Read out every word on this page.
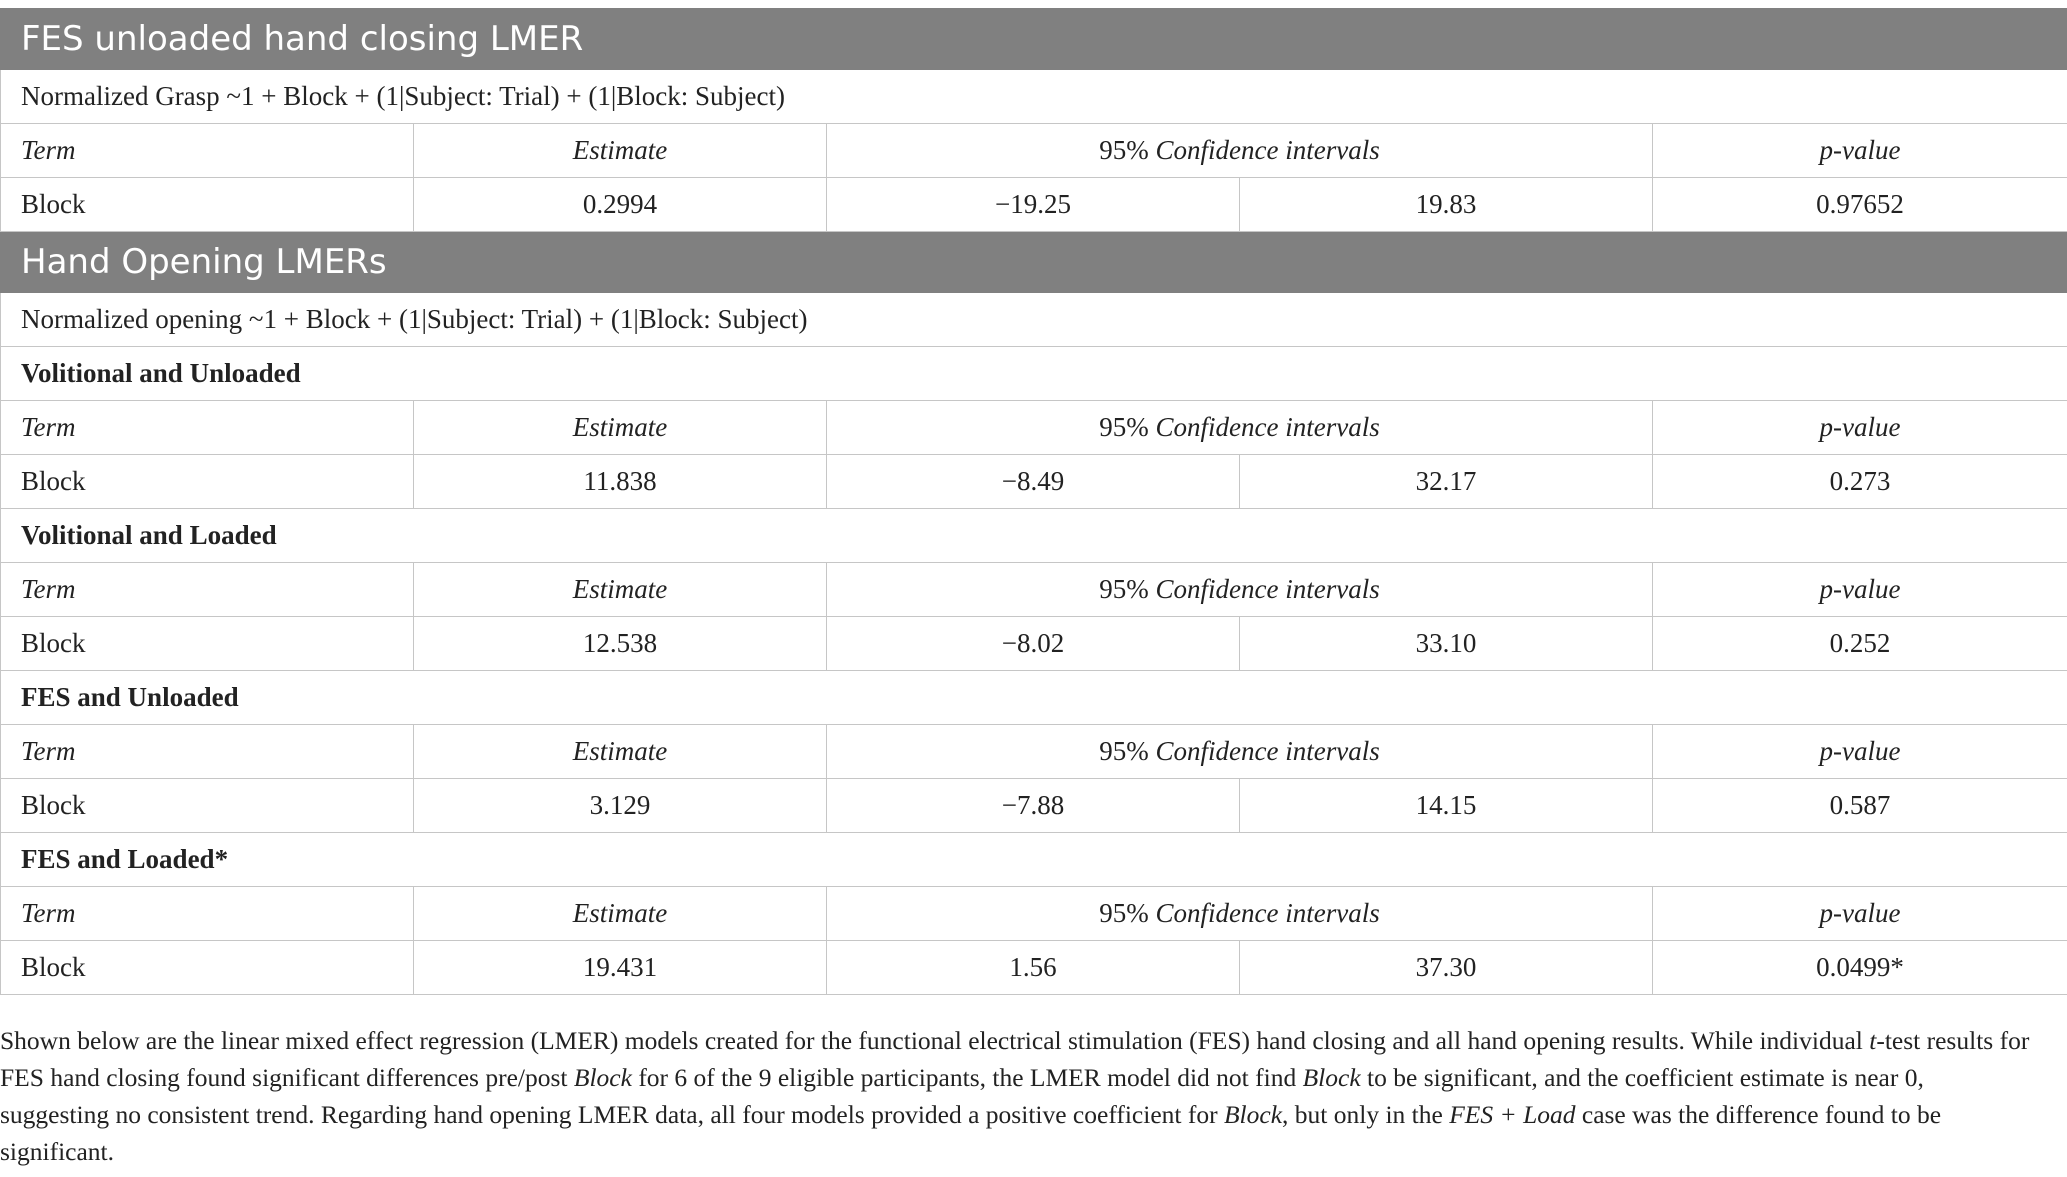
FES unloaded hand closing LMER				
Normalized Grasp ~1 + Block + (1|Subject: Trial) + (1|Block: Subject)				
Term	Estimate	95% Confidence intervals		p-value
Block	0.2994	−19.25	19.83	0.97652
Hand Opening LMERs				
Normalized opening ~1 + Block + (1|Subject: Trial) + (1|Block: Subject)				
Volitional and Unloaded				
Term	Estimate	95% Confidence intervals		p-value
Block	11.838	−8.49	32.17	0.273
Volitional and Loaded				
Term	Estimate	95% Confidence intervals		p-value
Block	12.538	−8.02	33.10	0.252
FES and Unloaded				
Term	Estimate	95% Confidence intervals		p-value
Block	3.129	−7.88	14.15	0.587
FES and Loaded*				
Term	Estimate	95% Confidence intervals		p-value
Block	19.431	1.56	37.30	0.0499*
Shown below are the linear mixed effect regression (LMER) models created for the functional electrical stimulation (FES) hand closing and all hand opening results. While individual t-test results for FES hand closing found significant differences pre/post Block for 6 of the 9 eligible participants, the LMER model did not find Block to be significant, and the coefficient estimate is near 0, suggesting no consistent trend. Regarding hand opening LMER data, all four models provided a positive coefficient for Block, but only in the FES + Load case was the difference found to be significant.
